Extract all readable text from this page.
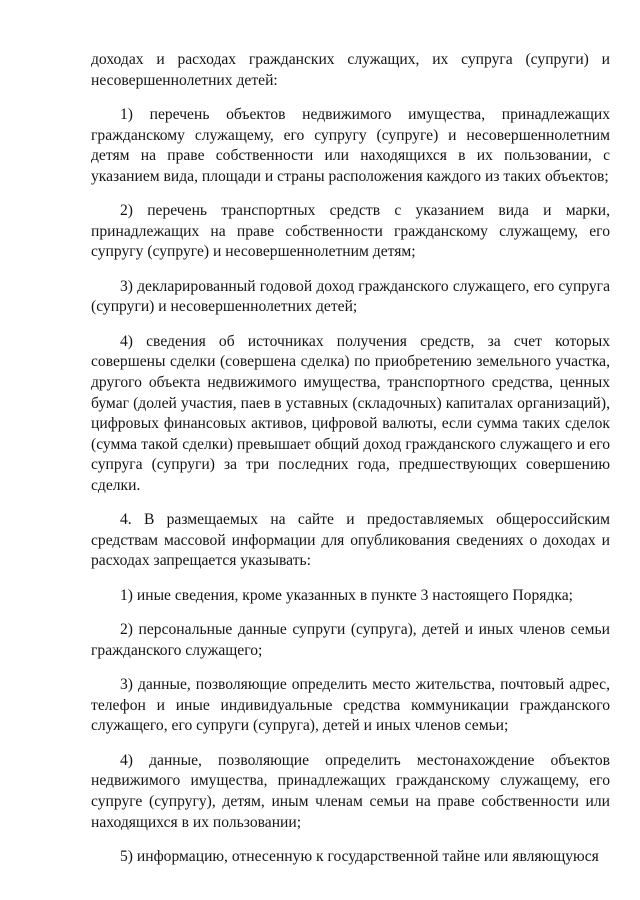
доходах и расходах гражданских служащих, их супруга (супруги) и несовершеннолетних детей:

1) перечень объектов недвижимого имущества, принадлежащих гражданскому служащему, его супругу (супруге) и несовершеннолетним детям на праве собственности или находящихся в их пользовании, с указанием вида, площади и страны расположения каждого из таких объектов;

2) перечень транспортных средств с указанием вида и марки, принадлежащих на праве собственности гражданскому служащему, его супругу (супруге) и несовершеннолетним детям;

3) декларированный годовой доход гражданского служащего, его супруга (супруги) и несовершеннолетних детей;

4) сведения об источниках получения средств, за счет которых совершены сделки (совершена сделка) по приобретению земельного участка, другого объекта недвижимого имущества, транспортного средства, ценных бумаг (долей участия, паев в уставных (складочных) капиталах организаций), цифровых финансовых активов, цифровой валюты, если сумма таких сделок (сумма такой сделки) превышает общий доход гражданского служащего и его супруга (супруги) за три последних года, предшествующих совершению сделки.

4. В размещаемых на сайте и предоставляемых общероссийским средствам массовой информации для опубликования сведениях о доходах и расходах запрещается указывать:

1) иные сведения, кроме указанных в пункте 3 настоящего Порядка;

2) персональные данные супруги (супруга), детей и иных членов семьи гражданского служащего;

3) данные, позволяющие определить место жительства, почтовый адрес, телефон и иные индивидуальные средства коммуникации гражданского служащего, его супруги (супруга), детей и иных членов семьи;

4) данные, позволяющие определить местонахождение объектов недвижимого имущества, принадлежащих гражданскому служащему, его супруге (супругу), детям, иным членам семьи на праве собственности или находящихся в их пользовании;

5) информацию, отнесенную к государственной тайне или являющуюся
